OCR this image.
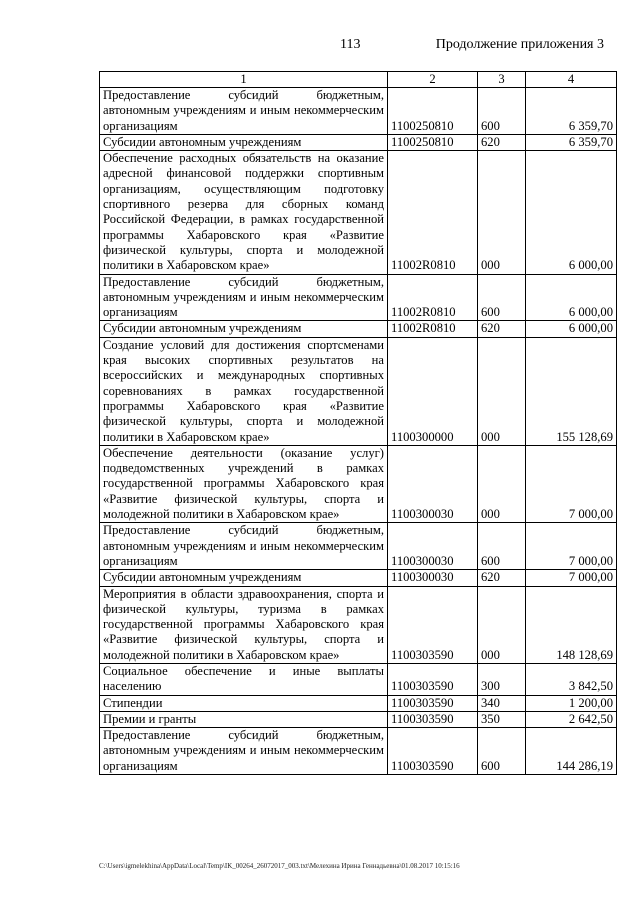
113	Продолжение приложения 3
1	2	3	4
Предоставление субсидий бюджетным, автономным учреждениям и иным некоммерческим организациям	1100250810	600	6 359,70
Субсидии автономным учреждениям	1100250810	620	6 359,70
Обеспечение расходных обязательств на оказание адресной финансовой поддержки спортивным организациям, осуществляющим подготовку спортивного резерва для сборных команд Российской Федерации, в рамках государственной программы Хабаровского края «Развитие физической культуры, спорта и молодежной политики в Хабаровском крае»	11002R0810	000	6 000,00
Предоставление субсидий бюджетным, автономным учреждениям и иным некоммерческим организациям	11002R0810	600	6 000,00
Субсидии автономным учреждениям	11002R0810	620	6 000,00
Создание условий для достижения спортсменами края высоких спортивных результатов на всероссийских и международных спортивных соревнованиях в рамках государственной программы Хабаровского края «Развитие физической культуры, спорта и молодежной политики в Хабаровском крае»	1100300000	000	155 128,69
Обеспечение деятельности (оказание услуг) подведомственных учреждений в рамках государственной программы Хабаровского края «Развитие физической культуры, спорта и молодежной политики в Хабаровском крае»	1100300030	000	7 000,00
Предоставление субсидий бюджетным, автономным учреждениям и иным некоммерческим организациям	1100300030	600	7 000,00
Субсидии автономным учреждениям	1100300030	620	7 000,00
Мероприятия в области здравоохранения, спорта и физической культуры, туризма в рамках государственной программы Хабаровского края «Развитие физической культуры, спорта и молодежной политики в Хабаровском крае»	1100303590	000	148 128,69
Социальное обеспечение и иные выплаты населению	1100303590	300	3 842,50
Стипендии	1100303590	340	1 200,00
Премии и гранты	1100303590	350	2 642,50
Предоставление субсидий бюджетным, автономным учреждениям и иным некоммерческим организациям	1100303590	600	144 286,19
C:\Users\igmelekhina\AppData\Local\Temp\IK_00264_26072017_003.txt\Мелехина Ирина Геннадьевна\01.08.2017 10:15:16
